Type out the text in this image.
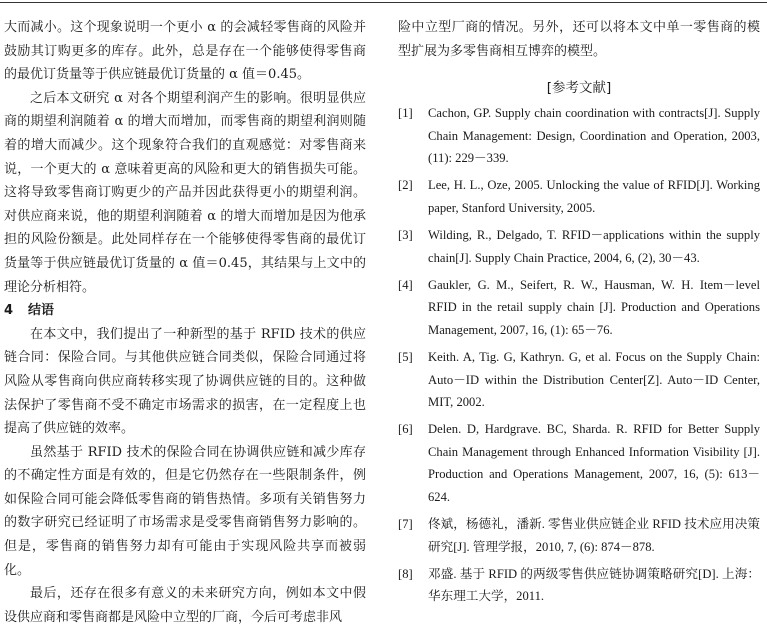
大而减小。这个现象说明一个更小 α 的会减轻零售商的风险并鼓励其订购更多的库存。此外，总是存在一个能够使得零售商的最优订货量等于供应链最优订货量的 α 值＝0.45。

之后本文研究 α 对各个期望利润产生的影响。很明显供应商的期望利润随着 α 的增大而增加，而零售商的期望利润则随着的增大而减少。这个现象符合我们的直观感觉：对零售商来说，一个更大的 α 意味着更高的风险和更大的销售损失可能。这将导致零售商订购更少的产品并因此获得更小的期望利润。对供应商来说，他的期望利润随着 α 的增大而增加是因为他承担的风险份额是。此处同样存在一个能够使得零售商的最优订货量等于供应链最优订货量的 α 值＝0.45，其结果与上文中的理论分析相符。

4 结语

在本文中，我们提出了一种新型的基于 RFID 技术的供应链合同：保险合同。与其他供应链合同类似，保险合同通过将风险从零售商向供应商转移实现了协调供应链的目的。这种做法保护了零售商不受不确定市场需求的损害，在一定程度上也提高了供应链的效率。

虽然基于 RFID 技术的保险合同在协调供应链和减少库存的不确定性方面是有效的，但是它仍然存在一些限制条件，例如保险合同可能会降低零售商的销售热情。多项有关销售努力的数字研究已经证明了市场需求是受零售商销售努力影响的。但是，零售商的销售努力却有可能由于实现风险共享而被弱化。

最后，还存在很多有意义的未来研究方向，例如本文中假设供应商和零售商都是风险中立型的厂商，今后可考虑非风

险中立型厂商的情况。另外，还可以将本文中单一零售商的模型扩展为多零售商相互博弈的模型。

[参考文献]
[1] Cachon, GP. Supply chain coordination with contracts[J]. Supply Chain Management: Design, Coordination and Operation, 2003, (11): 229－339.
[2] Lee, H. L., Oze, 2005. Unlocking the value of RFID[J]. Working paper, Stanford University, 2005.
[3] Wilding, R., Delgado, T. RFID－applications within the supply chain[J]. Supply Chain Practice, 2004, 6, (2), 30－43.
[4] Gaukler, G. M., Seifert, R. W., Hausman, W. H. Item－level RFID in the retail supply chain [J]. Production and Operations Management, 2007, 16, (1): 65－76.
[5] Keith. A, Tig. G, Kathryn. G, et al. Focus on the Supply Chain: Auto－ID within the Distribution Center[Z]. Auto－ID Center, MIT, 2002.
[6] Delen. D, Hardgrave. BC, Sharda. R. RFID for Better Supply Chain Management through Enhanced Information Visibility [J]. Production and Operations Management, 2007, 16, (5): 613－624.
[7] 佟斌，杨德礼，潘新. 零售业供应链企业 RFID 技术应用决策研究[J]. 管理学报，2010, 7, (6): 874－878.
[8] 邓盛. 基于 RFID 的两级零售供应链协调策略研究[D]. 上海：华东理工大学，2011.
